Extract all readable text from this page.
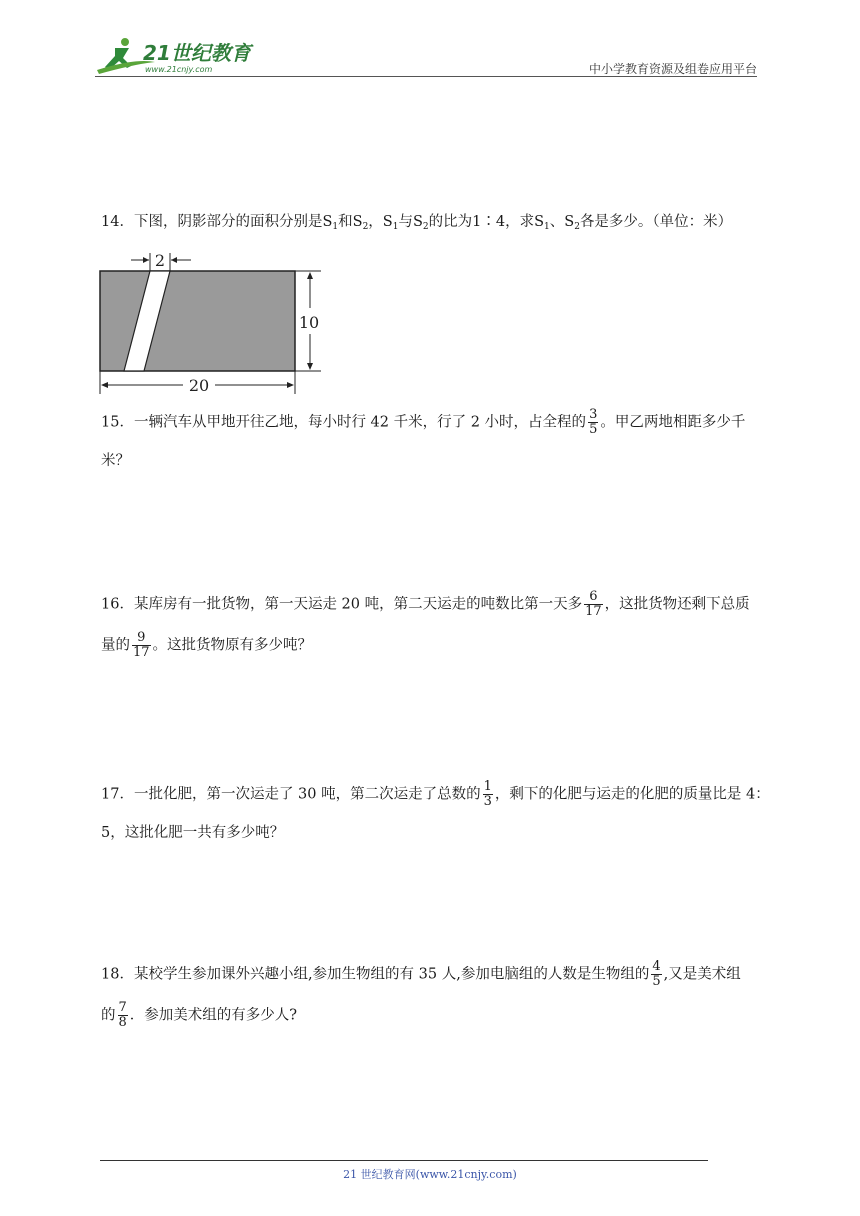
21世纪教育
www.21cnjy.com	中小学教育资源及组卷应用平台
14．下图，阴影部分的面积分别是$S_1$和$S_2$，$S_1$与$S_2$的比为1∶4，求$S_1$、$S_2$各是多少。（单位：米）
2
10
20
15．一辆汽车从甲地开往乙地，每小时行 42 千米，行了 2 小时，占全程的 $\frac{3}{5}$ 。甲乙两地相距多少千
米？
16．某库房有一批货物，第一天运走 20 吨，第二天运走的吨数比第一天多 $\frac{6}{17}$ ，这批货物还剩下总质
量的 $\frac{9}{17}$ 。这批货物原有多少吨？
17．一批化肥，第一次运走了 30 吨，第二次运走了总数的 $\frac{1}{3}$ ，剩下的化肥与运走的化肥的质量比是 4：
5，这批化肥一共有多少吨？
18．某校学生参加课外兴趣小组,参加生物组的有 35 人,参加电脑组的人数是生物组的 $\frac{4}{5}$ ,又是美术组
的 $\frac{7}{8}$ ．参加美术组的有多少人?
21 世纪教育网(www.21cnjy.com)
